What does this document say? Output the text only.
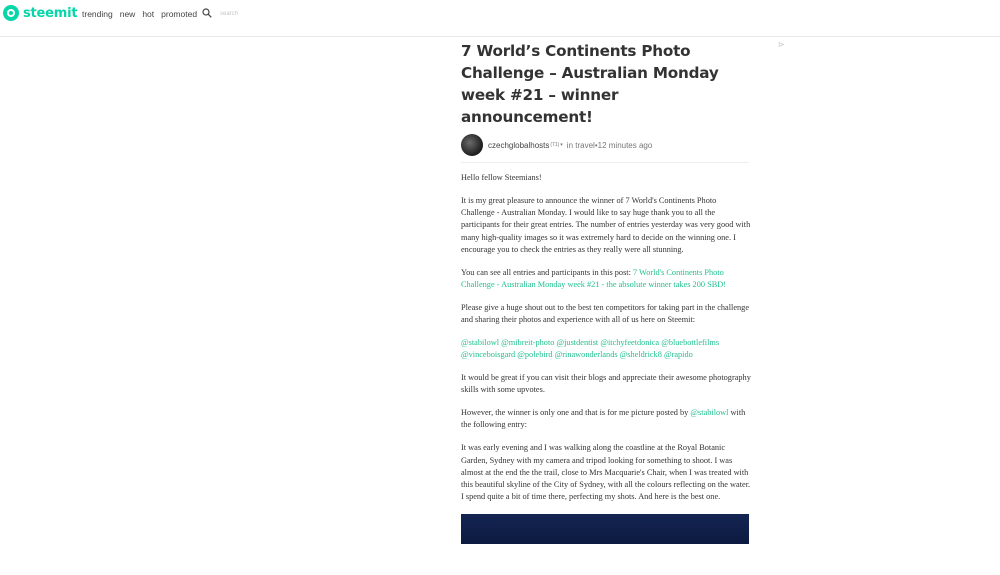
steemit trending new hot promoted
search
⊳
7 World’s Continents Photo Challenge – Australian Monday week #21 – winner announcement!
czechglobalhosts (71) ▾ in travel • 12 minutes ago

Hello fellow Steemians!

It is my great pleasure to announce the winner of 7 World's Continents Photo Challenge - Australian Monday. I would like to say huge thank you to all the participants for their great entries. The number of entries yesterday was very good with many high-quality images so it was extremely hard to decide on the winning one. I encourage you to check the entries as they really were all stunning.

You can see all entries and participants in this post: 7 World's Continents Photo Challenge - Australian Monday week #21 - the absolute winner takes 200 SBD!

Please give a huge shout out to the best ten competitors for taking part in the challenge and sharing their photos and experience with all of us here on Steemit:

@stabilowl @mibreit-photo @justdentist @itchyfeetdonica @bluebottlefilms @vinceboisgard @polebird @rinawonderlands @sheldrick8 @rapido

It would be great if you can visit their blogs and appreciate their awesome photography skills with some upvotes.

However, the winner is only one and that is for me picture posted by @stabilowl with the following entry:

It was early evening and I was walking along the coastline at the Royal Botanic Garden, Sydney with my camera and tripod looking for something to shoot. I was almost at the end the the trail, close to Mrs Macquarie's Chair, when I was treated with this beautiful skyline of the City of Sydney, with all the colours reflecting on the water. I spend quite a bit of time there, perfecting my shots. And here is the best one.
